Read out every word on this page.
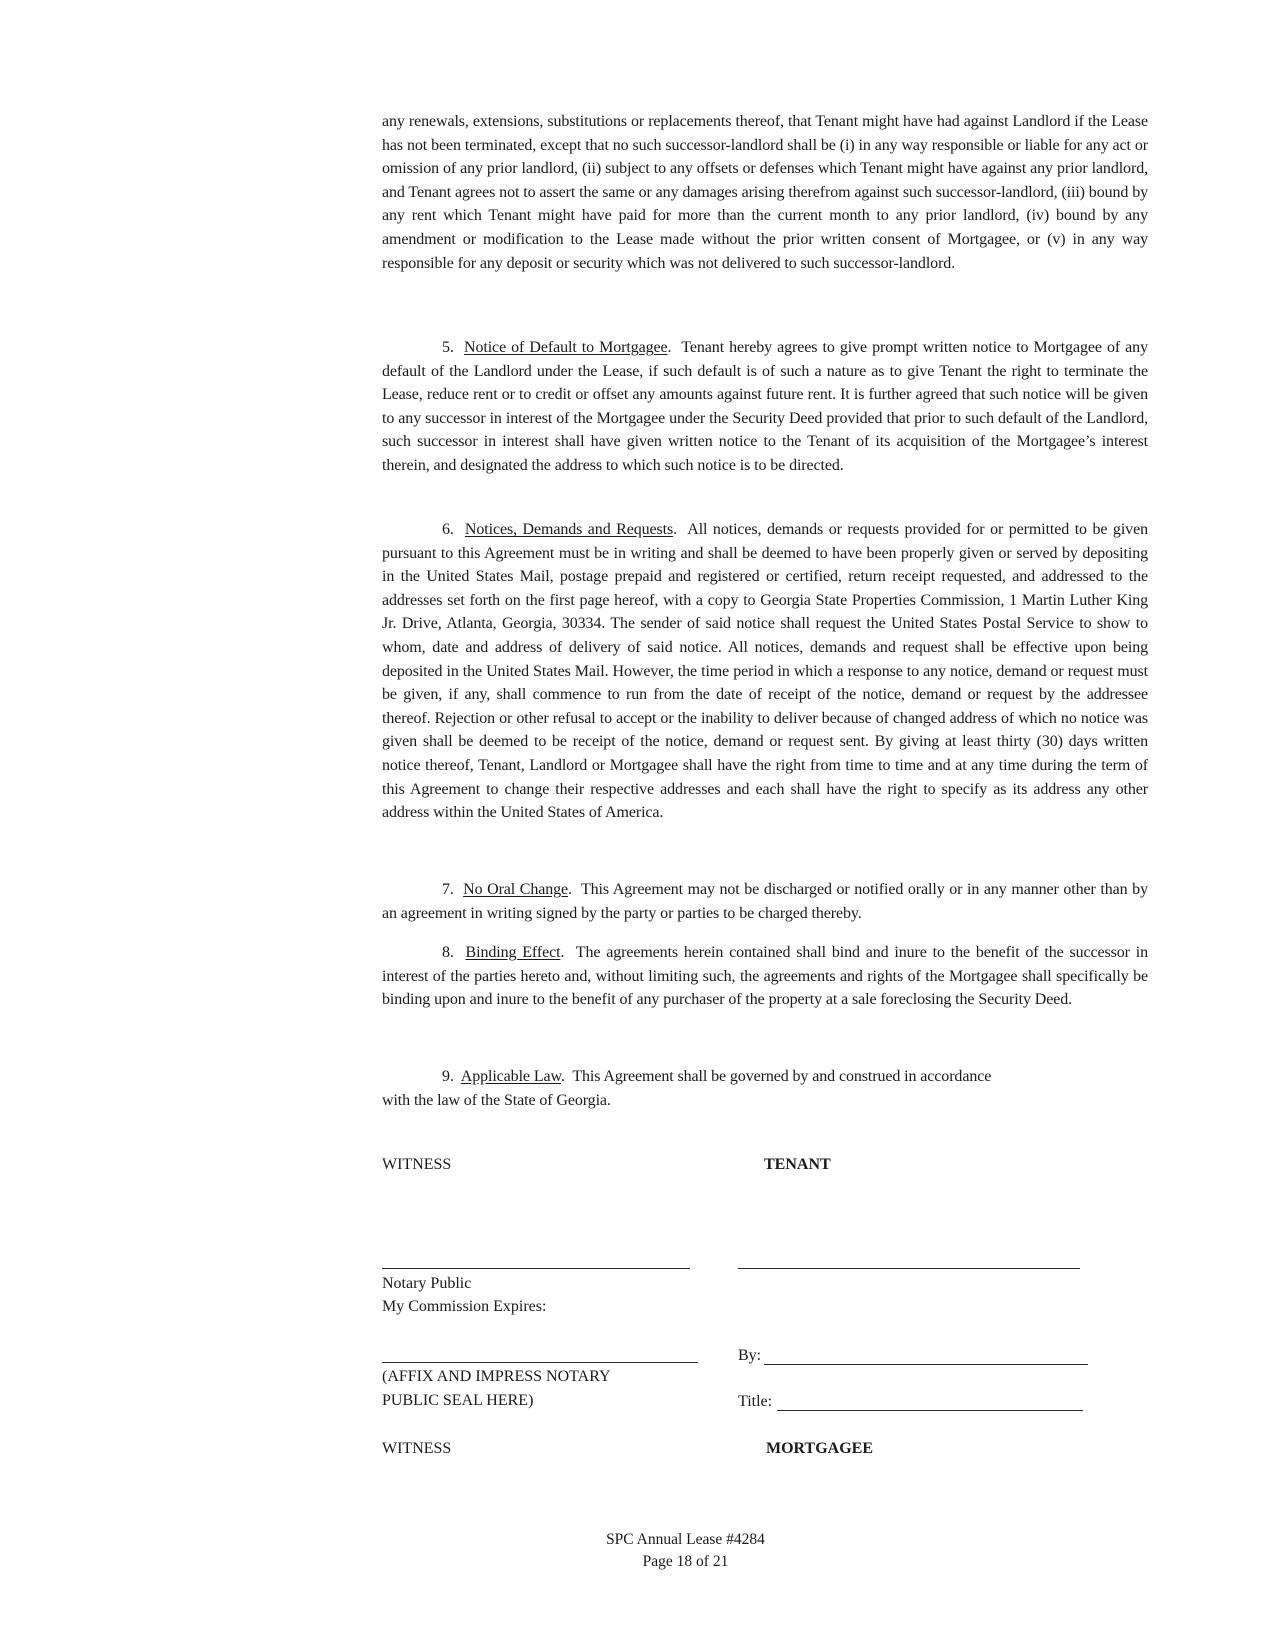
any renewals, extensions, substitutions or replacements thereof, that Tenant might have had against Landlord if the Lease has not been terminated, except that no such successor-landlord shall be (i) in any way responsible or liable for any act or omission of any prior landlord, (ii) subject to any offsets or defenses which Tenant might have against any prior landlord, and Tenant agrees not to assert the same or any damages arising therefrom against such successor-landlord, (iii) bound by any rent which Tenant might have paid for more than the current month to any prior landlord, (iv) bound by any amendment or modification to the Lease made without the prior written consent of Mortgagee, or (v) in any way responsible for any deposit or security which was not delivered to such successor-landlord.

5. Notice of Default to Mortgagee.  Tenant hereby agrees to give prompt written notice to Mortgagee of any default of the Landlord under the Lease, if such default is of such a nature as to give Tenant the right to terminate the Lease, reduce rent or to credit or offset any amounts against future rent. It is further agreed that such notice will be given to any successor in interest of the Mortgagee under the Security Deed provided that prior to such default of the Landlord, such successor in interest shall have given written notice to the Tenant of its acquisition of the Mortgagee’s interest therein, and designated the address to which such notice is to be directed.

6. Notices, Demands and Requests.  All notices, demands or requests provided for or permitted to be given pursuant to this Agreement must be in writing and shall be deemed to have been properly given or served by depositing in the United States Mail, postage prepaid and registered or certified, return receipt requested, and addressed to the addresses set forth on the first page hereof, with a copy to Georgia State Properties Commission, 1 Martin Luther King Jr. Drive, Atlanta, Georgia, 30334. The sender of said notice shall request the United States Postal Service to show to whom, date and address of delivery of said notice. All notices, demands and request shall be effective upon being deposited in the United States Mail. However, the time period in which a response to any notice, demand or request must be given, if any, shall commence to run from the date of receipt of the notice, demand or request by the addressee thereof. Rejection or other refusal to accept or the inability to deliver because of changed address of which no notice was given shall be deemed to be receipt of the notice, demand or request sent. By giving at least thirty (30) days written notice thereof, Tenant, Landlord or Mortgagee shall have the right from time to time and at any time during the term of this Agreement to change their respective addresses and each shall have the right to specify as its address any other address within the United States of America.

7. No Oral Change.  This Agreement may not be discharged or notified orally or in any manner other than by an agreement in writing signed by the party or parties to be charged thereby.

8. Binding Effect.  The agreements herein contained shall bind and inure to the benefit of the successor in interest of the parties hereto and, without limiting such, the agreements and rights of the Mortgagee shall specifically be binding upon and inure to the benefit of any purchaser of the property at a sale foreclosing the Security Deed.

9. Applicable Law.  This Agreement shall be governed by and construed in accordance
with the law of the State of Georgia.
WITNESS	TENANT
Notary Public
My Commission Expires:
By:
(AFFIX AND IMPRESS NOTARY
PUBLIC SEAL HERE)	Title:
WITNESS	MORTGAGEE
SPC Annual Lease #4284
Page 18 of 21
